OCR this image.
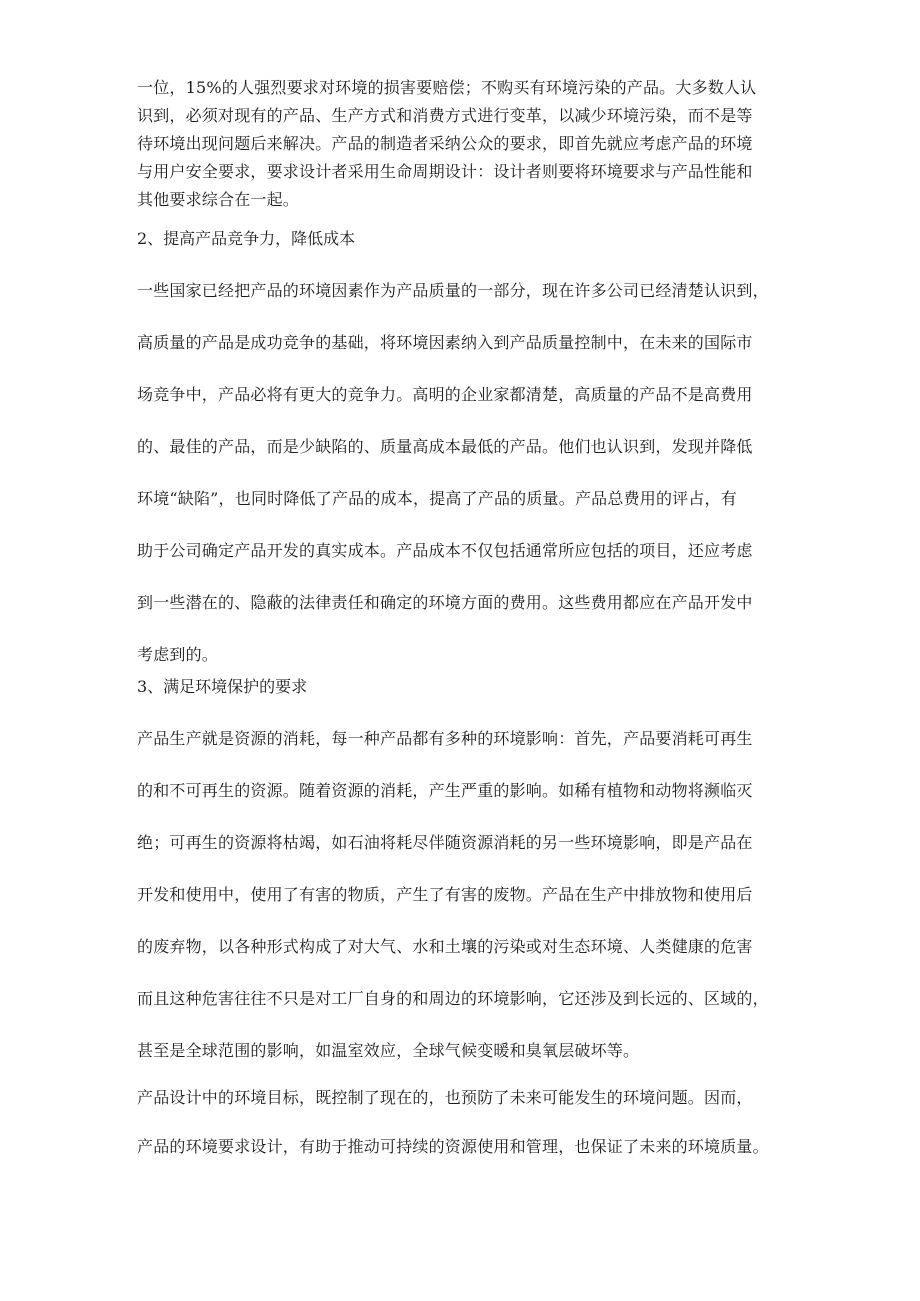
一位，15%的人强烈要求对环境的损害要赔偿；不购买有环境污染的产品。大多数人认
识到，必须对现有的产品、生产方式和消费方式进行变革，以减少环境污染，而不是等
待环境出现问题后来解决。产品的制造者采纳公众的要求，即首先就应考虑产品的环境
与用户安全要求，要求设计者采用生命周期设计：设计者则要将环境要求与产品性能和
其他要求综合在一起。
2、提高产品竞争力，降低成本
一些国家已经把产品的环境因素作为产品质量的一部分，现在许多公司已经清楚认识到，
高质量的产品是成功竞争的基础，将环境因素纳入到产品质量控制中，在未来的国际市
场竞争中，产品必将有更大的竞争力。高明的企业家都清楚，高质量的产品不是高费用
的、最佳的产品，而是少缺陷的、质量高成本最低的产品。他们也认识到，发现并降低
环境“缺陷”，也同时降低了产品的成本，提高了产品的质量。产品总费用的评占，有
助于公司确定产品开发的真实成本。产品成本不仅包括通常所应包括的项目，还应考虑
到一些潜在的、隐蔽的法律责任和确定的环境方面的费用。这些费用都应在产品开发中
考虑到的。
3、满足环境保护的要求
产品生产就是资源的消耗，每一种产品都有多种的环境影响：首先，产品要消耗可再生
的和不可再生的资源。随着资源的消耗，产生严重的影响。如稀有植物和动物将濒临灭
绝；可再生的资源将枯竭，如石油将耗尽伴随资源消耗的另一些环境影响，即是产品在
开发和使用中，使用了有害的物质，产生了有害的废物。产品在生产中排放物和使用后
的废弃物，以各种形式构成了对大气、水和土壤的污染或对生态环境、人类健康的危害
而且这种危害往往不只是对工厂自身的和周边的环境影响，它还涉及到长远的、区域的，
甚至是全球范围的影响，如温室效应，全球气候变暖和臭氧层破坏等。
产品设计中的环境目标，既控制了现在的，也预防了未来可能发生的环境问题。因而，
产品的环境要求设计，有助于推动可持续的资源使用和管理，也保证了未来的环境质量。
